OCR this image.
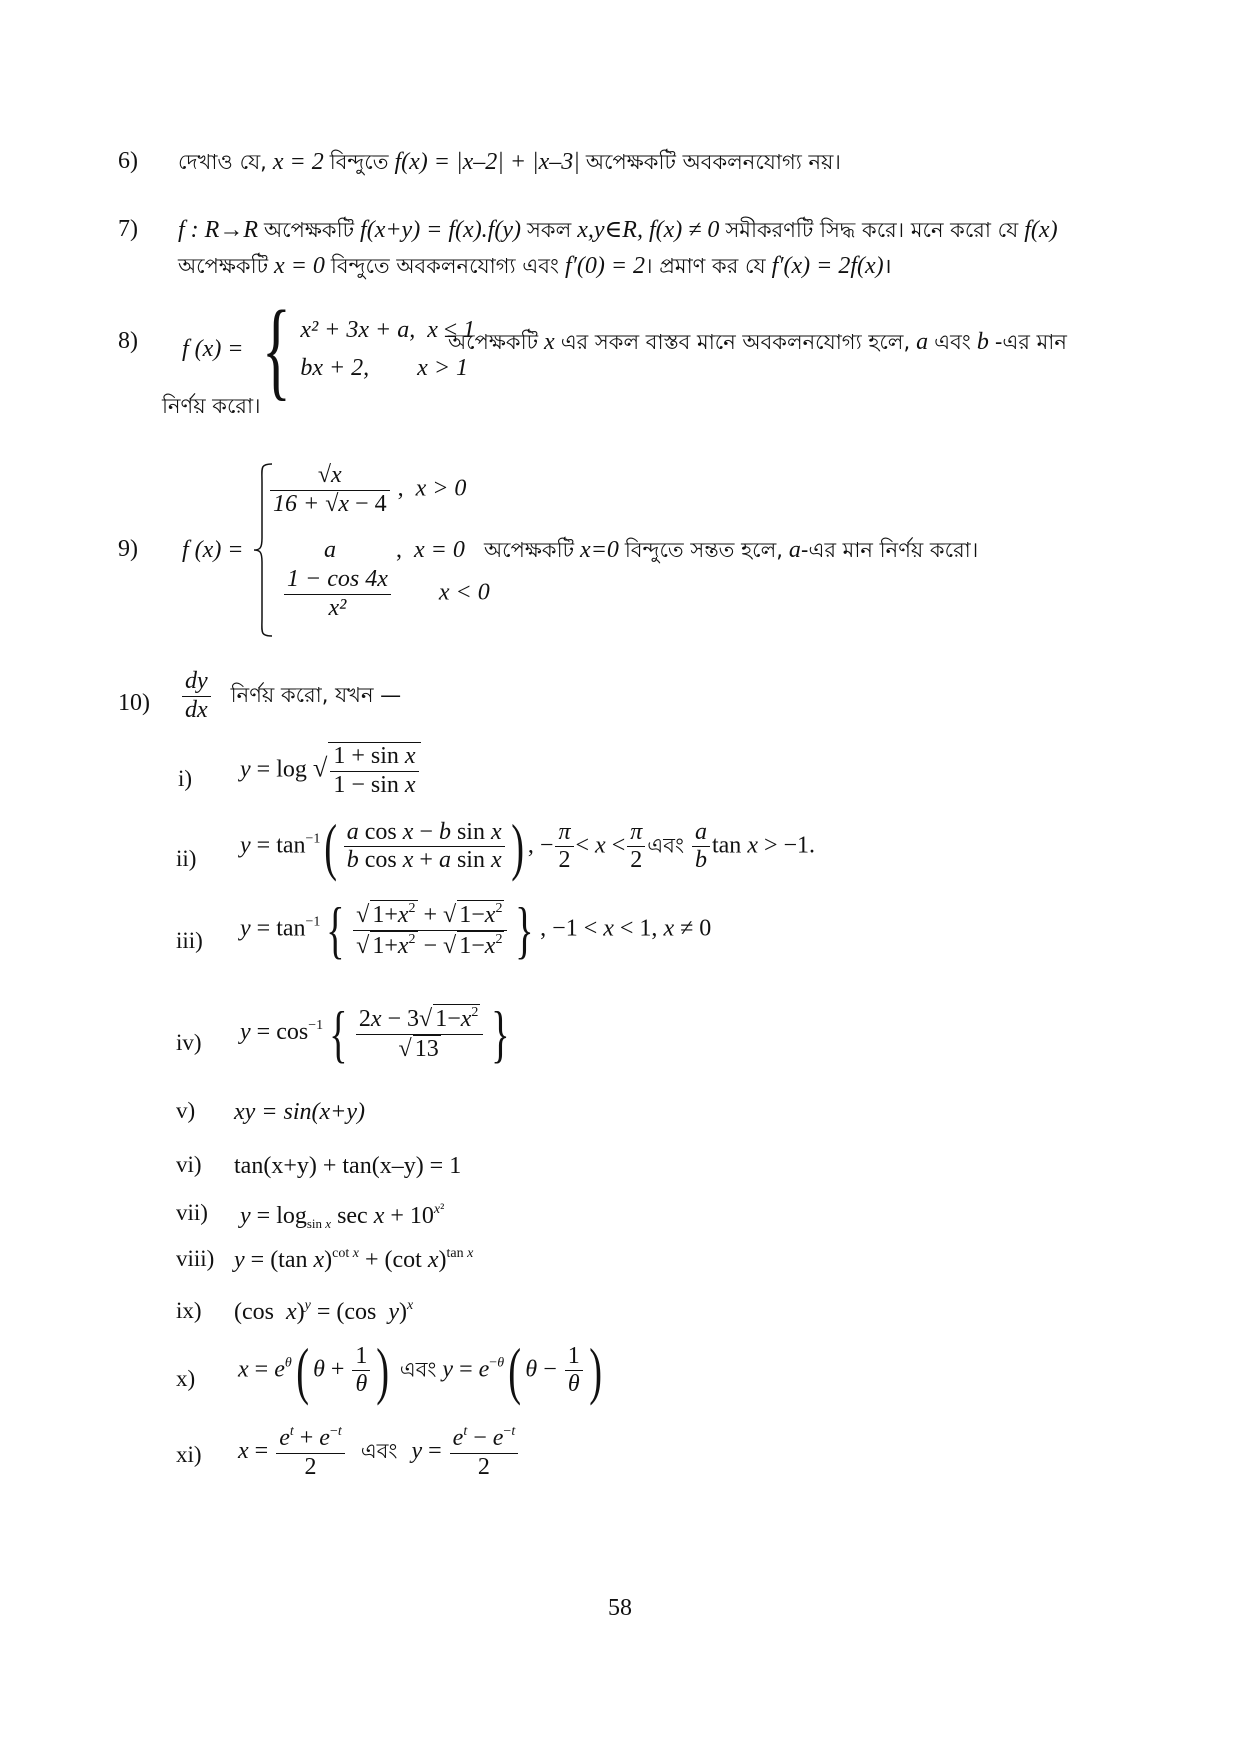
6) দেখাও যে, x = 2 বিন্দুতে f(x) = |x–2| + |x–3| অপেক্ষকটি অবকলনযোগ্য নয়।
7) f : R→R অপেক্ষকটি f(x+y) = f(x).f(y) সকল x,y∈R, f(x) ≠ 0 সমীকরণটি সিদ্ধ করে। মনে করো যে f(x)
অপেক্ষকটি x = 0 বিন্দুতে অবকলনযোগ্য এবং f′(0) = 2। প্রমাণ কর যে f′(x) = 2f(x)।
8) f (x) = { x² + 3x + a, x ≤ 1
bx + 2, x > 1
অপেক্ষকটি x এর সকল বাস্তব মানে অবকলনযোগ্য হলে, a এবং b -এর মান
নির্ণয় করো।
9) f (x) =
$\frac{√x}{16 + √x - 4}$ ,  x > 0
a	,  x = 0 অপেক্ষকটি x=0 বিন্দুতে সন্তত হলে, a-এর মান নির্ণয় করো।
$\frac{1 - \cos 4x}{\text{x²}}$ x < 0
$10) \frac{dy}{dx}$ নির্ণয় করো, যখন —
i) y = log √ $\frac{\text{1 + sin x}}{\text{1 − sin x}}$
ii)
$y = \tan^{-1}( \frac{\text{a cos x − b sin x}}{\text{b cos x + a sin x}}$ ) , − $\frac{\pi}{2} < x < \frac{\pi}{2}$ এবং $\frac{a}{b}$ tan x > −1.
iii) $y = \tan^{-1}\{ \frac{√ 1+x^2 + √ 1-x^2}{√ 1+x^2 - √ 1-x^2}$ } , −1 < x < 1, x ≠ 0
iv) $y = \cos^{-1}\{ \frac{2x - 3√ 1-x^2}{√ 13}$ }
v) xy = sin(x+y)
vi) tan(x+y) + tan(x–y) = 1
vii) $y = \log_{sin x} \sec x + 10^{x^2}$
viii) y = (tan x)$^{cot x}$ + (cot x)$^{tan x}$
ix) (cos  x)$^y$ = (cos  y)$^x$
x) $x = e^\theta$( $\theta + \frac{1}{\theta}$ ) এবং $y = e^{-\theta}$( $\theta - \frac{1}{\theta}$ )
xi) $x = \frac{e^t + e^{-t}}{2}$ এবং $y = \frac{e^t - e^{-t}}{2}$
58
